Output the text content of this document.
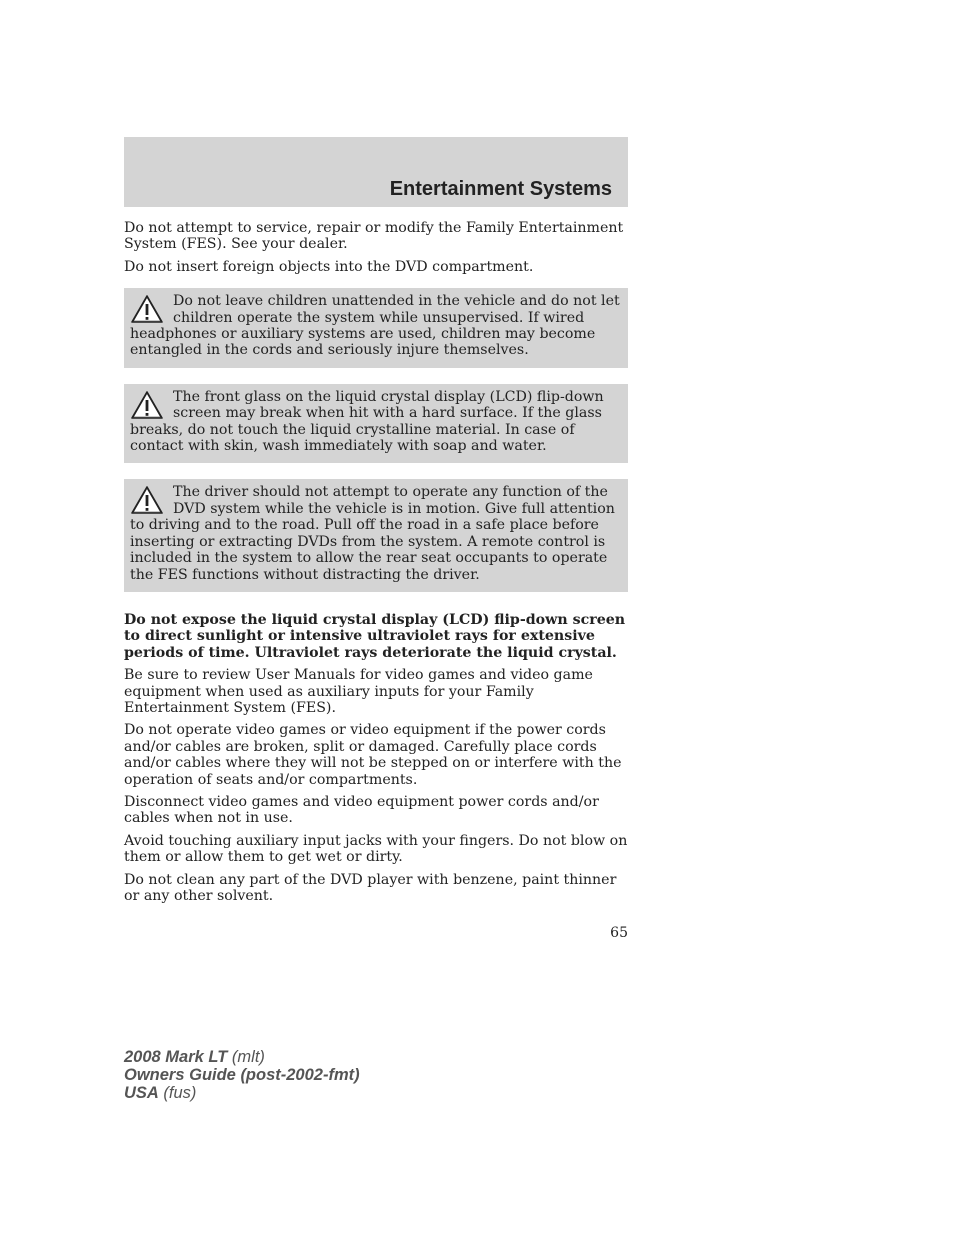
Entertainment Systems

Do not attempt to service, repair or modify the Family Entertainment System (FES). See your dealer.

Do not insert foreign objects into the DVD compartment.

Do not leave children unattended in the vehicle and do not let children operate the system while unsupervised. If wired headphones or auxiliary systems are used, children may become entangled in the cords and seriously injure themselves.

The front glass on the liquid crystal display (LCD) flip-down screen may break when hit with a hard surface. If the glass breaks, do not touch the liquid crystalline material. In case of contact with skin, wash immediately with soap and water.

The driver should not attempt to operate any function of the DVD system while the vehicle is in motion. Give full attention to driving and to the road. Pull off the road in a safe place before inserting or extracting DVDs from the system. A remote control is included in the system to allow the rear seat occupants to operate the FES functions without distracting the driver.

Do not expose the liquid crystal display (LCD) flip-down screen to direct sunlight or intensive ultraviolet rays for extensive periods of time. Ultraviolet rays deteriorate the liquid crystal.

Be sure to review User Manuals for video games and video game equipment when used as auxiliary inputs for your Family Entertainment System (FES).

Do not operate video games or video equipment if the power cords and/or cables are broken, split or damaged. Carefully place cords and/or cables where they will not be stepped on or interfere with the operation of seats and/or compartments.

Disconnect video games and video equipment power cords and/or cables when not in use.

Avoid touching auxiliary input jacks with your fingers. Do not blow on them or allow them to get wet or dirty.

Do not clean any part of the DVD player with benzene, paint thinner or any other solvent.

65
2008 Mark LT (mlt)
Owners Guide (post-2002-fmt)
USA (fus)
